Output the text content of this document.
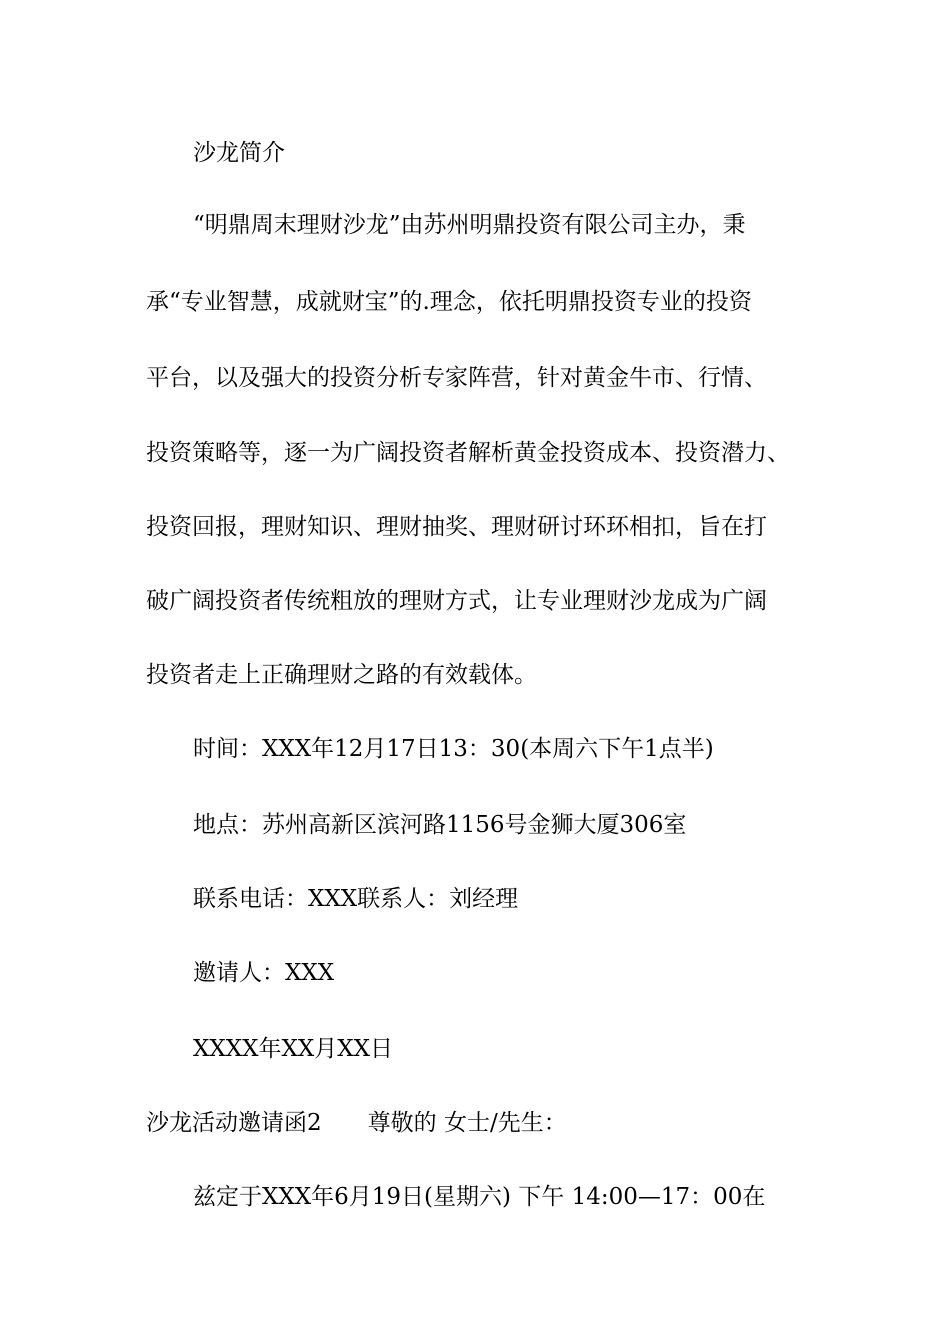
沙龙简介
“明鼎周末理财沙龙”由苏州明鼎投资有限公司主办，秉
承“专业智慧，成就财宝”的.理念，依托明鼎投资专业的投资
平台，以及强大的投资分析专家阵营，针对黄金牛市、行情、
投资策略等，逐一为广阔投资者解析黄金投资成本、投资潜力、
投资回报，理财知识、理财抽奖、理财研讨环环相扣，旨在打
破广阔投资者传统粗放的理财方式，让专业理财沙龙成为广阔
投资者走上正确理财之路的有效载体。
时间：XXX年12月17日13：30(本周六下午1点半)
地点：苏州高新区滨河路1156号金狮大厦306室
联系电话：XXX联系人：刘经理
邀请人：XXX
XXXX年XX月XX日
沙龙活动邀请函2 尊敬的 女士/先生：
兹定于XXX年6月19日(星期六) 下午 14:00—17：00在
